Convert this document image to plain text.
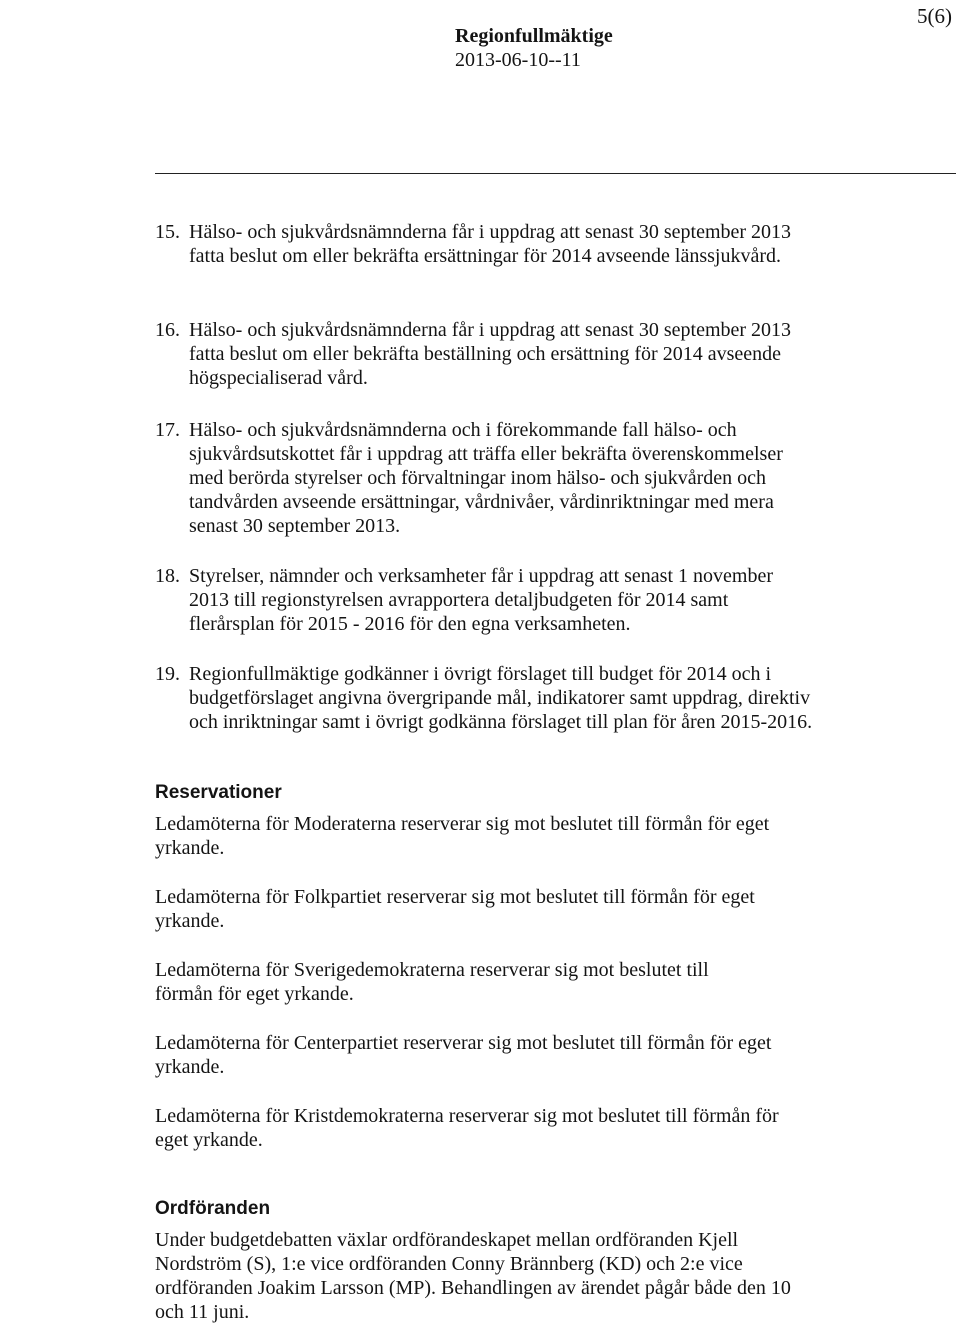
5(6)
Regionfullmäktige
2013-06-10--11
15. Hälso- och sjukvårdsnämnderna får i uppdrag att senast 30 september 2013 fatta beslut om eller bekräfta ersättningar för 2014 avseende länssjukvård.
16. Hälso- och sjukvårdsnämnderna får i uppdrag att senast 30 september 2013 fatta beslut om eller bekräfta beställning och ersättning för 2014 avseende högspecialiserad vård.
17. Hälso- och sjukvårdsnämnderna och i förekommande fall hälso- och sjukvårdsutskottet får i uppdrag att träffa eller bekräfta överenskommelser med berörda styrelser och förvaltningar inom hälso- och sjukvården och tandvården avseende ersättningar, vårdnivåer, vårdinriktningar med mera senast 30 september 2013.
18. Styrelser, nämnder och verksamheter får i uppdrag att senast 1 november 2013 till regionstyrelsen avrapportera detaljbudgeten för 2014 samt flerårsplan för 2015 - 2016 för den egna verksamheten.
19. Regionfullmäktige godkänner i övrigt förslaget till budget för 2014 och i budgetförslaget angivna övergripande mål, indikatorer samt uppdrag, direktiv och inriktningar samt i övrigt godkänna förslaget till plan för åren 2015-2016.
Reservationer
Ledamöterna för Moderaterna reserverar sig mot beslutet till förmån för eget yrkande.
Ledamöterna för Folkpartiet reserverar sig mot beslutet till förmån för eget yrkande.
Ledamöterna för Sverigedemokraterna reserverar sig mot beslutet till förmån för eget yrkande.
Ledamöterna för Centerpartiet reserverar sig mot beslutet till förmån för eget yrkande.
Ledamöterna för Kristdemokraterna reserverar sig mot beslutet till förmån för eget yrkande.
Ordföranden
Under budgetdebatten växlar ordförandeskapet mellan ordföranden Kjell Nordström (S), 1:e vice ordföranden Conny Brännberg (KD) och 2:e vice ordföranden Joakim Larsson (MP). Behandlingen av ärendet pågår både den 10 och 11 juni.
